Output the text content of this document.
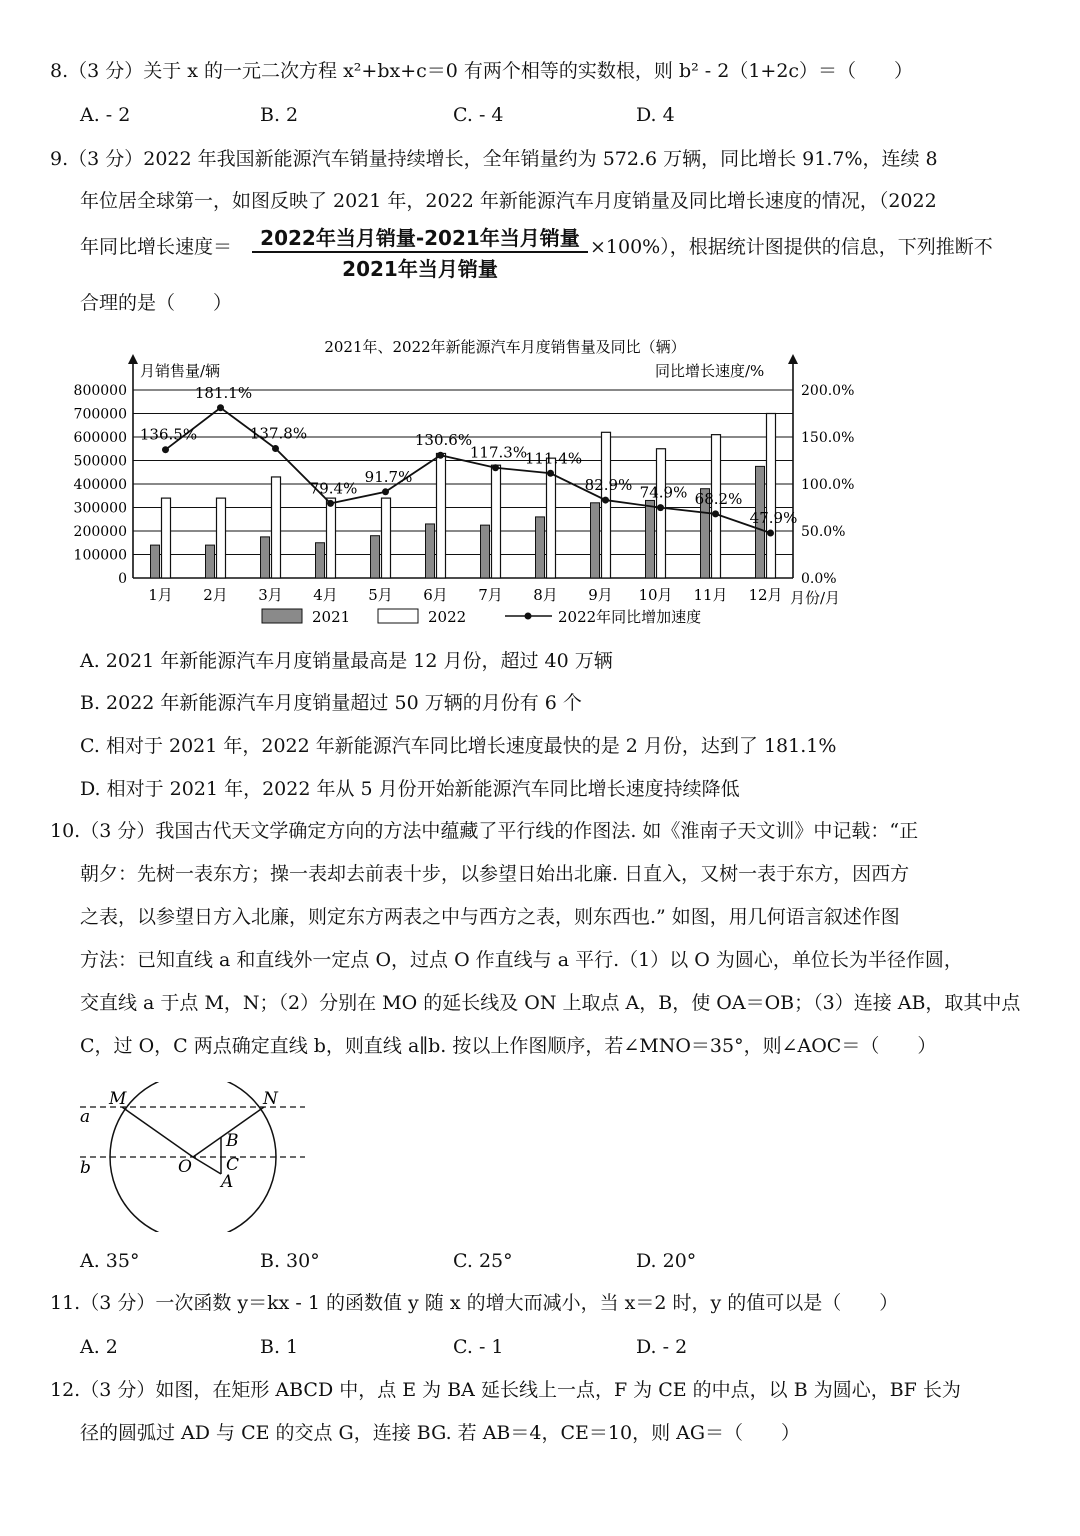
8.（3 分）关于 x 的一元二次方程 x²+bx+c＝0 有两个相等的实数根，则 b² - 2（1+2c）＝（　　）
A. - 2	B. 2	C. - 4	D. 4
9.（3 分）2022 年我国新能源汽车销量持续增长，全年销量约为 572.6 万辆，同比增长 91.7%，连续 8
年位居全球第一，如图反映了 2021 年，2022 年新能源汽车月度销量及同比增长速度的情况，（2022
年同比增长速度＝	2022年当月销量-2021年当月销量
2021年当月销量
×100%），根据统计图提供的信息，下列推断不
合理的是（　　）
2021年、2022年新能源汽车月度销售量及同比（辆）
月销售量/辆	同比增长速度/%
月份/月
0
100000
200000
300000
400000
500000
600000
700000
800000
0.0%
50.0%
100.0%
150.0%
200.0%
1月 2月 3月 4月 5月 6月 7月 8月 9月 10月 11月 12月
136.5%
181.1%
137.8%
79.4%
91.7%
130.6%
117.3%
111.4%
82.9% 74.9% 68.2%
47.9%
2021	2022	2022年同比增加速度
A. 2021 年新能源汽车月度销量最高是 12 月份，超过 40 万辆
B. 2022 年新能源汽车月度销量超过 50 万辆的月份有 6 个
C. 相对于 2021 年，2022 年新能源汽车同比增长速度最快的是 2 月份，达到了 181.1%
D. 相对于 2021 年，2022 年从 5 月份开始新能源汽车同比增长速度持续降低
10.（3 分）我国古代天文学确定方向的方法中蕴藏了平行线的作图法. 如《淮南子天文训》中记载：“正
朝夕：先树一表东方；操一表却去前表十步，以参望日始出北廉. 日直入，又树一表于东方，因西方
之表，以参望日方入北廉，则定东方两表之中与西方之表，则东西也.” 如图，用几何语言叙述作图
方法：已知直线 a 和直线外一定点 O，过点 O 作直线与 a 平行.（1）以 O 为圆心，单位长为半径作圆，
交直线 a 于点 M，N；（2）分别在 MO 的延长线及 ON 上取点 A，B，使 OA＝OB；（3）连接 AB，取其中点
C，过 O，C 两点确定直线 b，则直线 a∥b. 按以上作图顺序，若∠MNO＝35°，则∠AOC＝（　　）
M	N
a
b	O
B
C
A
A. 35°	B. 30°	C. 25°	D. 20°
11.（3 分）一次函数 y＝kx - 1 的函数值 y 随 x 的增大而减小，当 x＝2 时，y 的值可以是（　　）
A. 2	B. 1	C. - 1	D. - 2
12.（3 分）如图，在矩形 ABCD 中，点 E 为 BA 延长线上一点，F 为 CE 的中点，以 B 为圆心，BF 长为
径的圆弧过 AD 与 CE 的交点 G，连接 BG. 若 AB＝4，CE＝10，则 AG＝（　　）
